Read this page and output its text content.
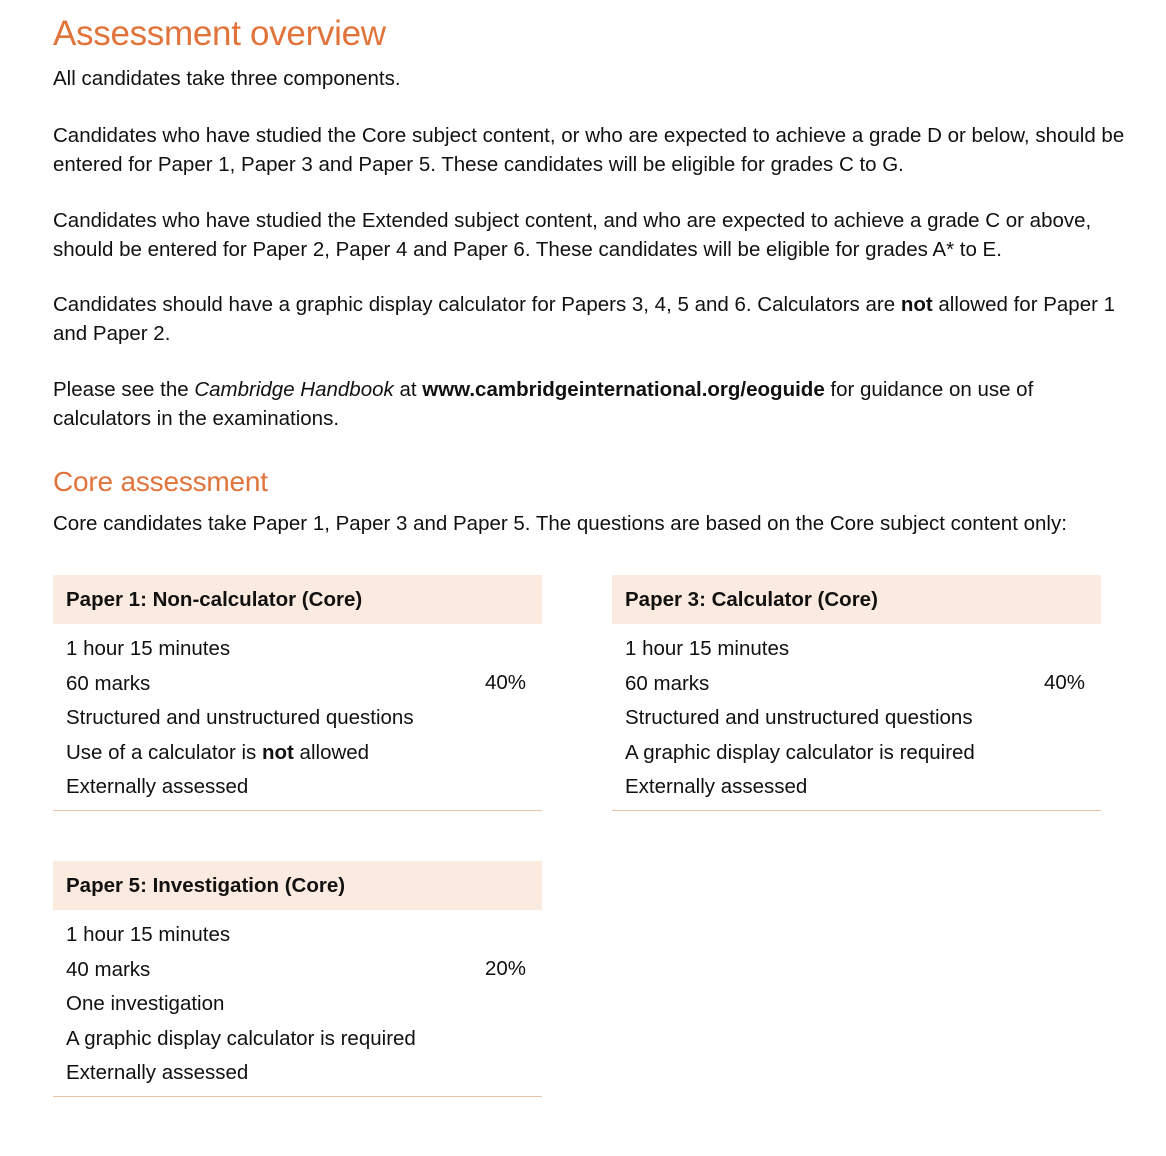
Assessment overview

All candidates take three components.

Candidates who have studied the Core subject content, or who are expected to achieve a grade D or below, should be entered for Paper 1, Paper 3 and Paper 5. These candidates will be eligible for grades C to G.

Candidates who have studied the Extended subject content, and who are expected to achieve a grade C or above, should be entered for Paper 2, Paper 4 and Paper 6. These candidates will be eligible for grades A* to E.

Candidates should have a graphic display calculator for Papers 3, 4, 5 and 6. Calculators are not allowed for Paper 1 and Paper 2.

Please see the Cambridge Handbook at www.cambridgeinternational.org/eoguide for guidance on use of calculators in the examinations.

Core assessment

Core candidates take Paper 1, Paper 3 and Paper 5. The questions are based on the Core subject content only:

Paper 1: Non-calculator (Core)
1 hour 15 minutes
60 marks
Structured and unstructured questions
Use of a calculator is not allowed
Externally assessed
40%
Paper 3: Calculator (Core)
1 hour 15 minutes
60 marks
Structured and unstructured questions
A graphic display calculator is required
Externally assessed
40%
Paper 5: Investigation (Core)
1 hour 15 minutes
40 marks
One investigation
A graphic display calculator is required
Externally assessed
20%
